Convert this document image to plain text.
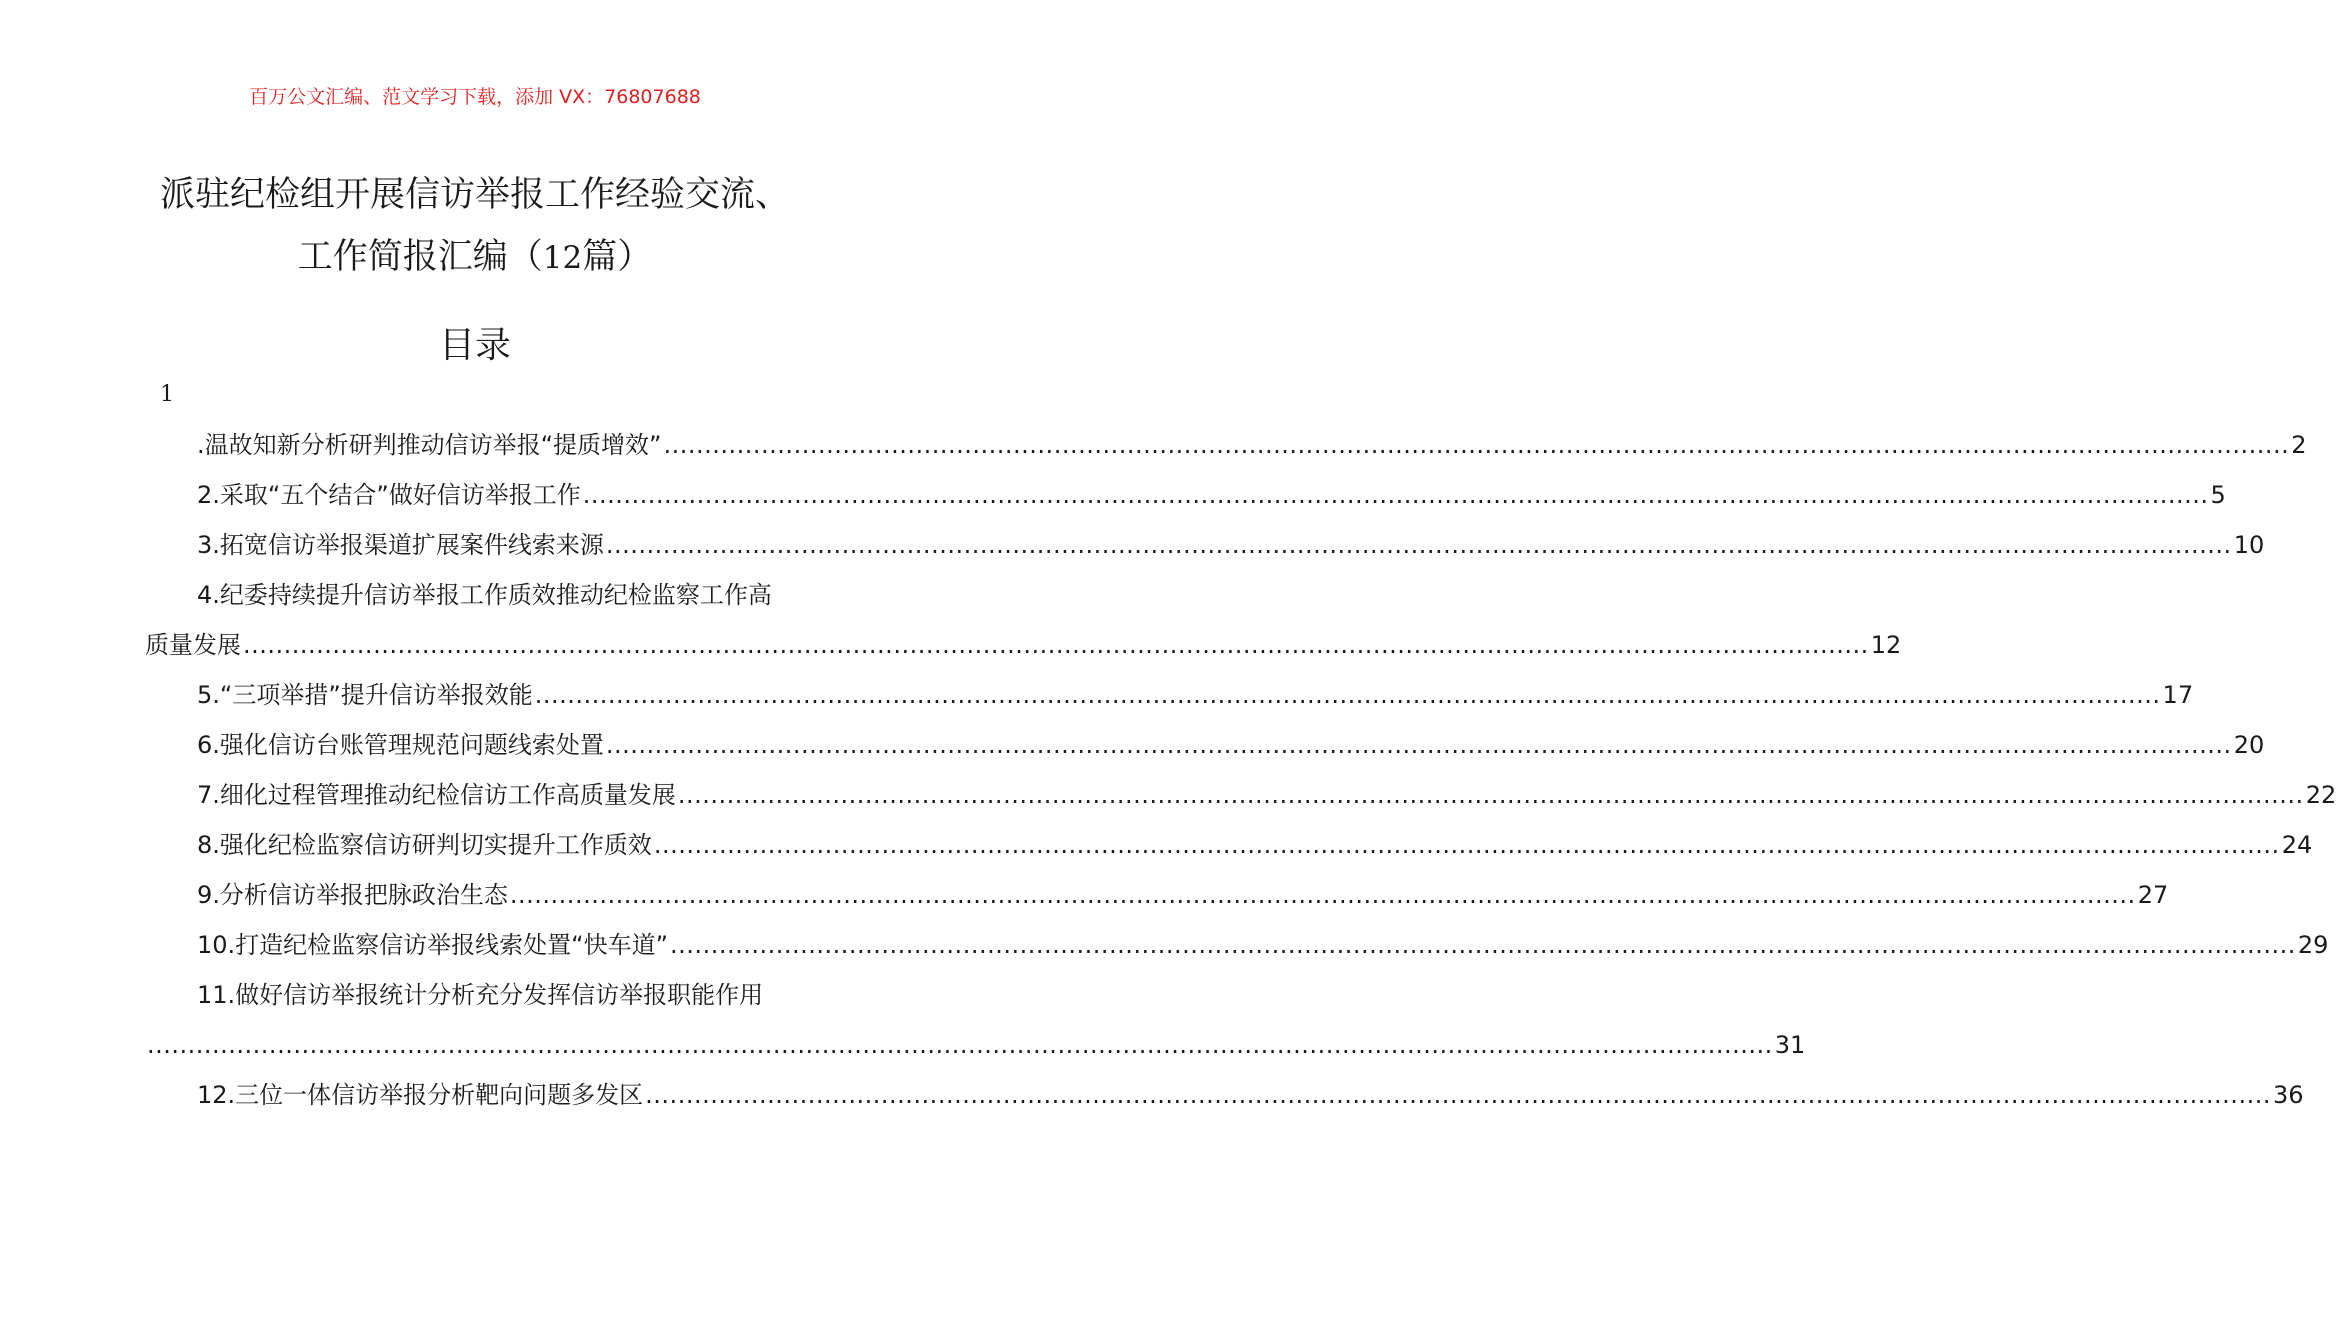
百万公文汇编、范文学习下载，添加 VX：76807688
派驻纪检组开展信访举报工作经验交流、
工作简报汇编（12篇）
目录
1
.温故知新分析研判推动信访举报“提质增效” ........................................................................................................................................................................................................ 2
2.采取“五个结合”做好信访举报工作 ........................................................................................................................................................................................................ 5
3.拓宽信访举报渠道扩展案件线索来源 ........................................................................................................................................................................................................ 10
4.纪委持续提升信访举报工作质效推动纪检监察工作高
质量发展 ........................................................................................................................................................................................................ 12
5.“三项举措”提升信访举报效能 ........................................................................................................................................................................................................ 17
6.强化信访台账管理规范问题线索处置 ........................................................................................................................................................................................................ 20
7.细化过程管理推动纪检信访工作高质量发展 ........................................................................................................................................................................................................ 22
8.强化纪检监察信访研判切实提升工作质效 ........................................................................................................................................................................................................ 24
9.分析信访举报把脉政治生态 ........................................................................................................................................................................................................ 27
10.打造纪检监察信访举报线索处置“快车道” ........................................................................................................................................................................................................ 29
11.做好信访举报统计分析充分发挥信访举报职能作用
........................................................................................................................................................................................................ 31
12.三位一体信访举报分析靶向问题多发区 ........................................................................................................................................................................................................ 36
